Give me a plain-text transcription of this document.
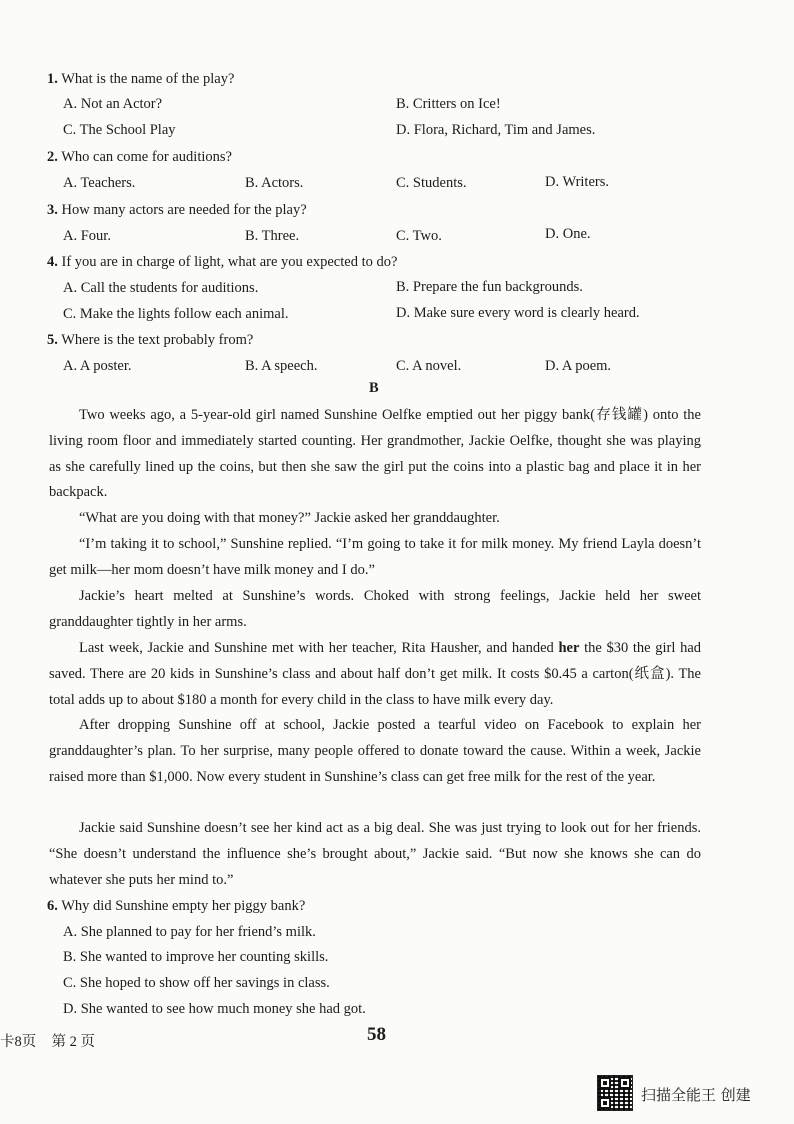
1. What is the name of the play?
A. Not an Actor?	B. Critters on Ice!
C. The School Play	D. Flora, Richard, Tim and James.
2. Who can come for auditions?
A. Teachers.	B. Actors.	C. Students.	D. Writers.
3. How many actors are needed for the play?
A. Four.	B. Three.	C. Two.	D. One.
4. If you are in charge of light, what are you expected to do?
A. Call the students for auditions.	B. Prepare the fun backgrounds.
C. Make the lights follow each animal.	D. Make sure every word is clearly heard.
5. Where is the text probably from?
A. A poster.	B. A speech.	C. A novel.	D. A poem.
B
Two weeks ago, a 5-year-old girl named Sunshine Oelfke emptied out her piggy bank(存钱罐) onto the living room floor and immediately started counting. Her grandmother, Jackie Oelfke, thought she was playing as she carefully lined up the coins, but then she saw the girl put the coins into a plastic bag and place it in her backpack.
“What are you doing with that money?” Jackie asked her granddaughter.
“I’m taking it to school,” Sunshine replied. “I’m going to take it for milk money. My friend Layla doesn’t get milk—her mom doesn’t have milk money and I do.”
Jackie’s heart melted at Sunshine’s words. Choked with strong feelings, Jackie held her sweet granddaughter tightly in her arms.
Last week, Jackie and Sunshine met with her teacher, Rita Hausher, and handed her the $30 the girl had saved. There are 20 kids in Sunshine’s class and about half don’t get milk. It costs $0.45 a carton(纸盒). The total adds up to about $180 a month for every child in the class to have milk every day.
After dropping Sunshine off at school, Jackie posted a tearful video on Facebook to explain her granddaughter’s plan. To her surprise, many people offered to donate toward the cause. Within a week, Jackie raised more than $1,000. Now every student in Sunshine’s class can get free milk for the rest of the year.
Jackie said Sunshine doesn’t see her kind act as a big deal. She was just trying to look out for her friends. “She doesn’t understand the influence she’s brought about,” Jackie said. “But now she knows she can do whatever she puts her mind to.”
6. Why did Sunshine empty her piggy bank?
A. She planned to pay for her friend’s milk.
B. She wanted to improve her counting skills.
C. She hoped to show off her savings in class.
D. She wanted to see how much money she had got.
卡8页 第 2 页	58
扫描全能王 创建
